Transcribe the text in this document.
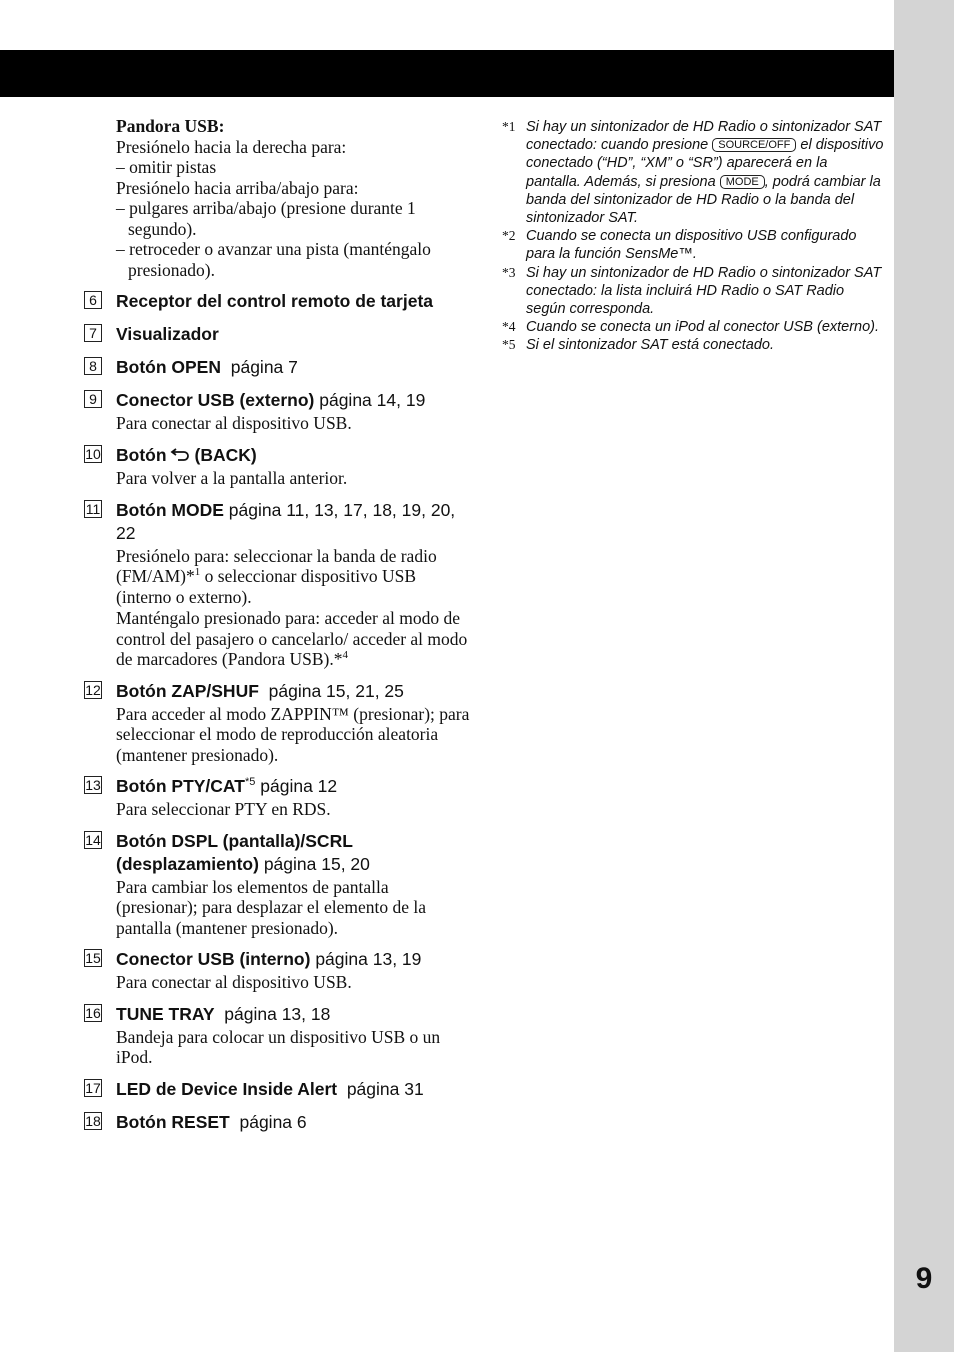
9
Pandora USB:
Presiónelo hacia la derecha para:
– omitir pistas
Presiónelo hacia arriba/abajo para:
– pulgares arriba/abajo (presione durante 1 segundo).
– retroceder o avanzar una pista (manténgalo presionado).
6 Receptor del control remoto de tarjeta
7 Visualizador
8 Botón OPEN página 7
9 Conector USB (externo) página 14, 19
Para conectar al dispositivo USB.
10 Botón (BACK)
Para volver a la pantalla anterior.
11 Botón MODE página 11, 13, 17, 18, 19, 20, 22
Presiónelo para: seleccionar la banda de radio (FM/AM)*$^1$ o seleccionar dispositivo USB (interno o externo).
Manténgalo presionado para: acceder al modo de control del pasajero o cancelarlo/ acceder al modo de marcadores (Pandora USB).*$^4$
12 Botón ZAP/SHUF página 15, 21, 25
Para acceder al modo ZAPPIN™ (presionar); para seleccionar el modo de reproducción aleatoria (mantener presionado).
13 Botón PTY/CAT$^{*5}$ página 12
Para seleccionar PTY en RDS.
14 Botón DSPL (pantalla)/SCRL (desplazamiento) página 15, 20
Para cambiar los elementos de pantalla (presionar); para desplazar el elemento de la pantalla (mantener presionado).
15 Conector USB (interno) página 13, 19
Para conectar al dispositivo USB.
16 TUNE TRAY página 13, 18
Bandeja para colocar un dispositivo USB o un iPod.
17 LED de Device Inside Alert página 31
18 Botón RESET página 6
*1 Si hay un sintonizador de HD Radio o sintonizador SAT conectado: cuando presione SOURCE/OFF el dispositivo conectado (“HD”, “XM” o “SR”) aparecerá en la pantalla. Además, si presiona MODE , podrá cambiar la banda del sintonizador de HD Radio o la banda del sintonizador SAT.
*2 Cuando se conecta un dispositivo USB configurado para la función SensMe™.
*3 Si hay un sintonizador de HD Radio o sintonizador SAT conectado: la lista incluirá HD Radio o SAT Radio según corresponda.
*4 Cuando se conecta un iPod al conector USB (externo).
*5 Si el sintonizador SAT está conectado.
